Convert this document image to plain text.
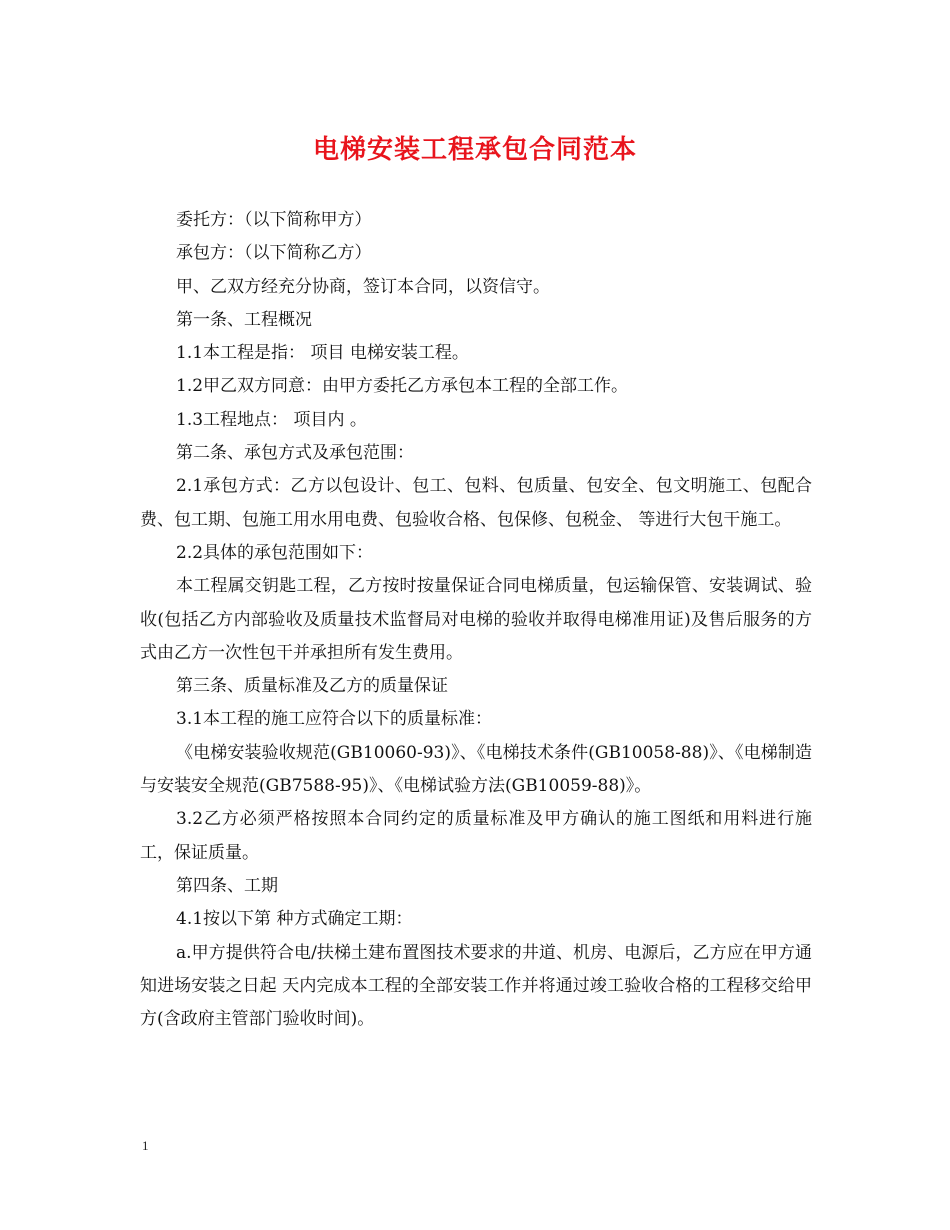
电梯安装工程承包合同范本

委托方：（以下简称甲方）

承包方：（以下简称乙方）

甲、乙双方经充分协商，签订本合同，以资信守。

第一条、工程概况

1.1本工程是指： 项目 电梯安装工程。

1.2甲乙双方同意：由甲方委托乙方承包本工程的全部工作。

1.3工程地点： 项目内 。

第二条、承包方式及承包范围：

2.1承包方式：乙方以包设计、包工、包料、包质量、包安全、包文明施工、包配合费、包工期、包施工用水用电费、包验收合格、包保修、包税金、 等进行大包干施工。

2.2具体的承包范围如下：

本工程属交钥匙工程，乙方按时按量保证合同电梯质量，包运输保管、安装调试、验收(包括乙方内部验收及质量技术监督局对电梯的验收并取得电梯准用证)及售后服务的方式由乙方一次性包干并承担所有发生费用。

第三条、质量标准及乙方的质量保证

3.1本工程的施工应符合以下的质量标准：

《电梯安装验收规范(GB10060-93)》、《电梯技术条件(GB10058-88)》、《电梯制造与安装安全规范(GB7588-95)》、《电梯试验方法(GB10059-88)》。

3.2乙方必须严格按照本合同约定的质量标准及甲方确认的施工图纸和用料进行施工，保证质量。

第四条、工期

4.1按以下第 种方式确定工期：

a.甲方提供符合电/扶梯土建布置图技术要求的井道、机房、电源后，乙方应在甲方通知进场安装之日起 天内完成本工程的全部安装工作并将通过竣工验收合格的工程移交给甲方(含政府主管部门验收时间)。

1
